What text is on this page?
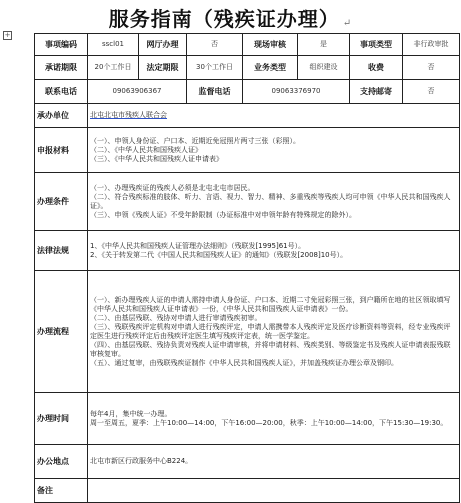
服务指南（残疾证办理） ↵
+
事项编码	sscl01	网厅办理	否	现场审核	是	事项类型	非行政审批
承诺期限	20个工作日	法定期限	30个工作日	业务类型	组织建设	收费	否
联系电话	09063906367		监督电话	09063376970		支持邮寄	否
承办单位	北屯北屯市残疾人联合会						
申报材料	（一）、申领人身份证、户口本、近期近免冠照片两寸三张（彩照）。
（二）、《中华人民共和国残疾人证》
（三）、《中华人民共和国残疾人证申请表》						

办理条件	（一）、办理残疾证的残疾人必须是北屯北屯市居民。
（二）、符合残疾标准的肢体、听力、言语、视力、智力、精神、多重残疾等残疾人均可申领《中华人民共和国残疾人证》。
（三）、申领《残疾人证》不受年龄限制（办证标准中对申领年龄有特殊规定的除外）。						

法律法规	1、《中华人民共和国残疾人证管理办法细则》（残联发[1995]61号）。
2、《关于转发第二代《中国人民共和国残疾人证》的通知》（残联发[2008]10号）。						

办理流程	（一）、新办理残疾人证的申请人需持申请人身份证、户口本、近期二寸免冠彩照三张，到户籍所在地的社区领取填写《中华人民共和国残疾人证申请表》一份，《中华人民共和国残疾人证申请表》一份。
（二）、由基层残联、残协对申请人进行审请残疾初审。
（三）、残联残疾评定机构对申请人进行残疾评定，申请人需携带本人残疾评定及医疗诊断资料等资料，经专业残疾评定医生进行残疾评定后由残疾评定医生填写残疾评定表，统一医学鉴定。
（四）、由基层残联、残协负责对残疾人证申请审核，并将申请材料、残疾类别、等级鉴定书及残疾人证申请表报残联审核复审。
（五）、通过复审，由残联残疾证制作《中华人民共和国残疾人证》，并加盖残疾证办理公章及钢印。						

办理时间	每年4月，集中统一办理。
周一至周五，夏季：上午10:00—14:00，下午16:00—20:00，秋季：上午10:00—14:00，下午15:30—19:30。						

办公地点	北屯市新区行政服务中心B224。						
备注							
